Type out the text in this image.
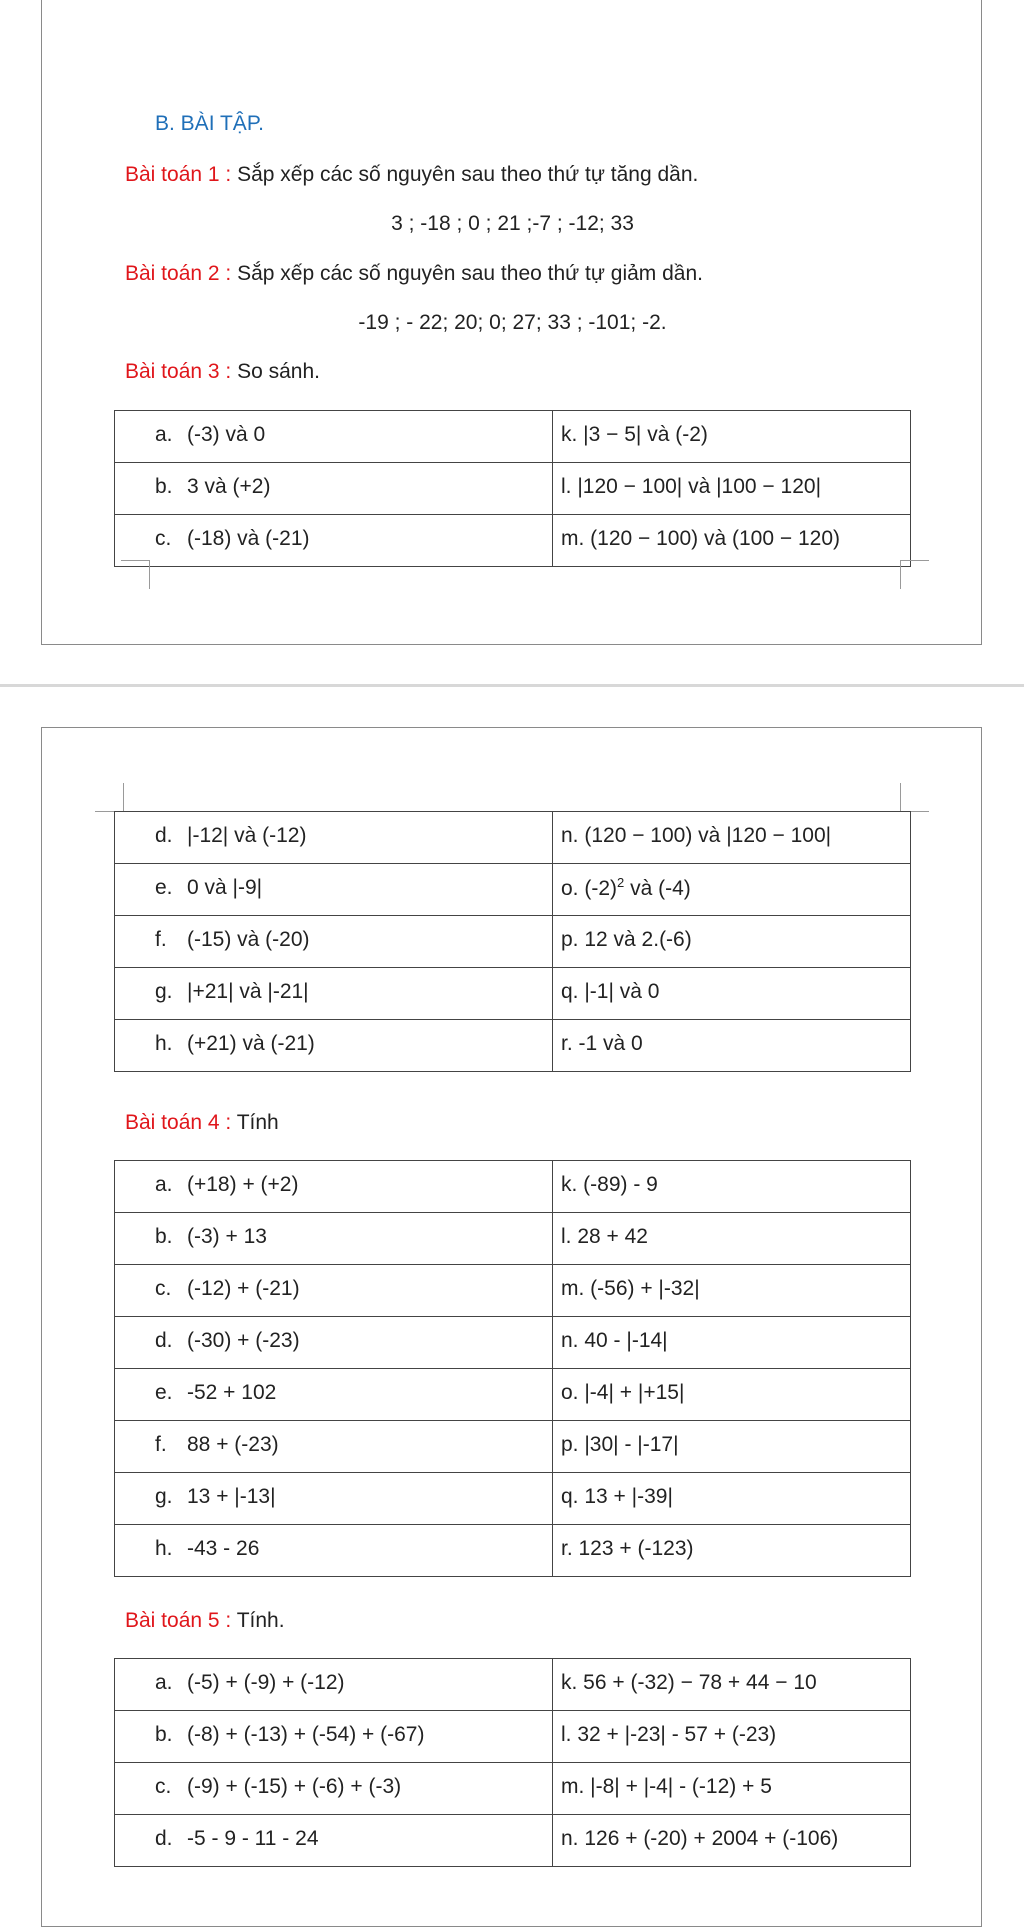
B. BÀI TẬP.
Bài toán 1 : Sắp xếp các số nguyên sau theo thứ tự tăng dần.
3 ; -18 ; 0 ; 21 ;-7 ; -12; 33
Bài toán 2 : Sắp xếp các số nguyên sau theo thứ tự giảm dần.
-19 ; - 22; 20; 0; 27; 33 ; -101; -2.
Bài toán 3 : So sánh.
a. (-3) và 0	k. |3 − 5| và (-2)
b. 3 và (+2)	l. |120 − 100| và |100 − 120|
c. (-18) và (-21)	m. (120 − 100) và (100 − 120)
d. |-12| và (-12)	n. (120 − 100) và |120 − 100|
e. 0 và |-9|	o. $(-2)^2$ và (-4)
f. (-15) và (-20)	p. 12 và 2.(-6)
g. |+21| và |-21|	q. |-1| và 0
h. (+21) và (-21)	r. -1 và 0
Bài toán 4 : Tính
a. (+18) + (+2)	k. (-89) - 9
b. (-3) + 13	l. 28 + 42
c. (-12) + (-21)	m. (-56) + |-32|
d. (-30) + (-23)	n. 40 - |-14|
e. -52 + 102	o. |-4| + |+15|
f. 88 + (-23)	p. |30| - |-17|
g. 13 + |-13|	q. 13 + |-39|
h. -43 - 26	r. 123 + (-123)
Bài toán 5 : Tính.
a. (-5) + (-9) + (-12)	k. 56 + (-32) − 78 + 44 − 10
b. (-8) + (-13) + (-54) + (-67)	l. 32 + |-23| - 57 + (-23)
c. (-9) + (-15) + (-6) + (-3)	m. |-8| + |-4| - (-12) + 5
d. -5 - 9 - 11 - 24	n. 126 + (-20) + 2004 + (-106)
